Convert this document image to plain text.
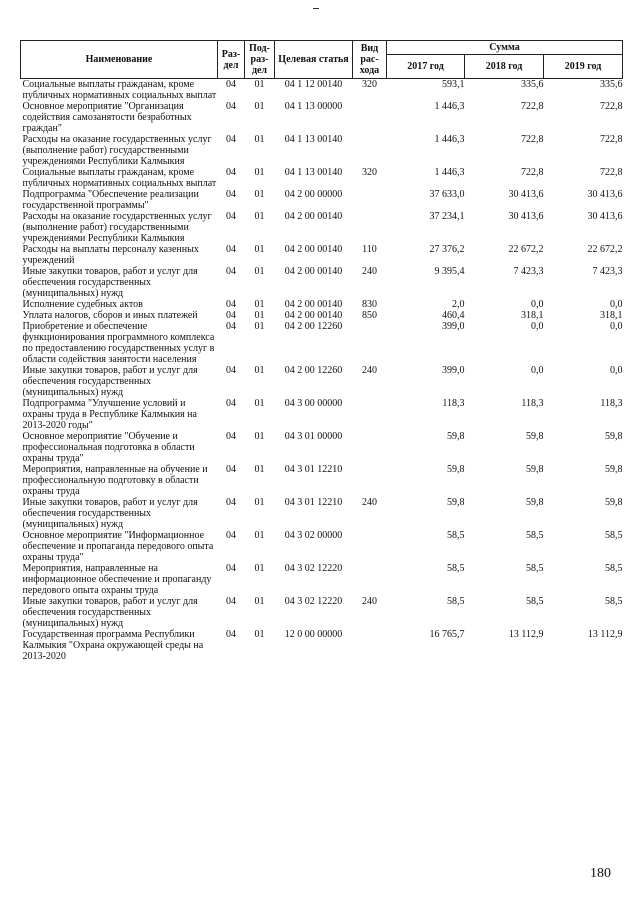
Наименование	Раз-дел	Под-раз-дел	Целевая статья	Вид рас-хода	Сумма		
					2017 год	2018 год	2019 год
Социальные выплаты гражданам, кроме публичных нормативных социальных выплат	04	01	04 1 12 00140	320	593,1	335,6	335,6
Основное мероприятие "Организация содействия самозанятости безработных граждан"	04	01	04 1 13 00000		1 446,3	722,8	722,8
Расходы на оказание государственных услуг (выполнение работ) государственными учреждениями Республики Калмыкия	04	01	04 1 13 00140		1 446,3	722,8	722,8
Социальные выплаты гражданам, кроме публичных нормативных социальных выплат	04	01	04 1 13 00140	320	1 446,3	722,8	722,8
Подпрограмма "Обеспечение реализации государственной программы"	04	01	04 2 00 00000		37 633,0	30 413,6	30 413,6
Расходы на оказание государственных услуг (выполнение работ) государственными учреждениями Республики Калмыкия	04	01	04 2 00 00140		37 234,1	30 413,6	30 413,6
Расходы на выплаты персоналу казенных учреждений	04	01	04 2 00 00140	110	27 376,2	22 672,2	22 672,2
Иные закупки товаров, работ и услуг для обеспечения государственных (муниципальных) нужд	04	01	04 2 00 00140	240	9 395,4	7 423,3	7 423,3
Исполнение судебных актов	04	01	04 2 00 00140	830	2,0	0,0	0,0
Уплата налогов, сборов и иных платежей	04	01	04 2 00 00140	850	460,4	318,1	318,1
Приобретение и обеспечение функционирования программного комплекса по предоставлению государственных услуг в области содействия занятости населения	04	01	04 2 00 12260		399,0	0,0	0,0
Иные закупки товаров, работ и услуг для обеспечения государственных (муниципальных) нужд	04	01	04 2 00 12260	240	399,0	0,0	0,0
Подпрограмма "Улучшение условий и охраны труда в Республике Калмыкия на 2013-2020 годы"	04	01	04 3 00 00000		118,3	118,3	118,3
Основное мероприятие "Обучение и профессиональная подготовка в области охраны труда"	04	01	04 3 01 00000		59,8	59,8	59,8
Мероприятия, направленные на обучение и профессиональную подготовку в области охраны труда	04	01	04 3 01 12210		59,8	59,8	59,8
Иные закупки товаров, работ и услуг для обеспечения государственных (муниципальных) нужд	04	01	04 3 01 12210	240	59,8	59,8	59,8
Основное мероприятие "Информационное обеспечение и пропаганда передового опыта охраны труда"	04	01	04 3 02 00000		58,5	58,5	58,5
Мероприятия, направленные на информационное обеспечение и пропаганду передового опыта охраны труда	04	01	04 3 02 12220		58,5	58,5	58,5
Иные закупки товаров, работ и услуг для обеспечения государственных (муниципальных) нужд	04	01	04 3 02 12220	240	58,5	58,5	58,5
Государственная программа Республики Калмыкия "Охрана окружающей среды на 2013-2020	04	01	12 0 00 00000		16 765,7	13 112,9	13 112,9
180
